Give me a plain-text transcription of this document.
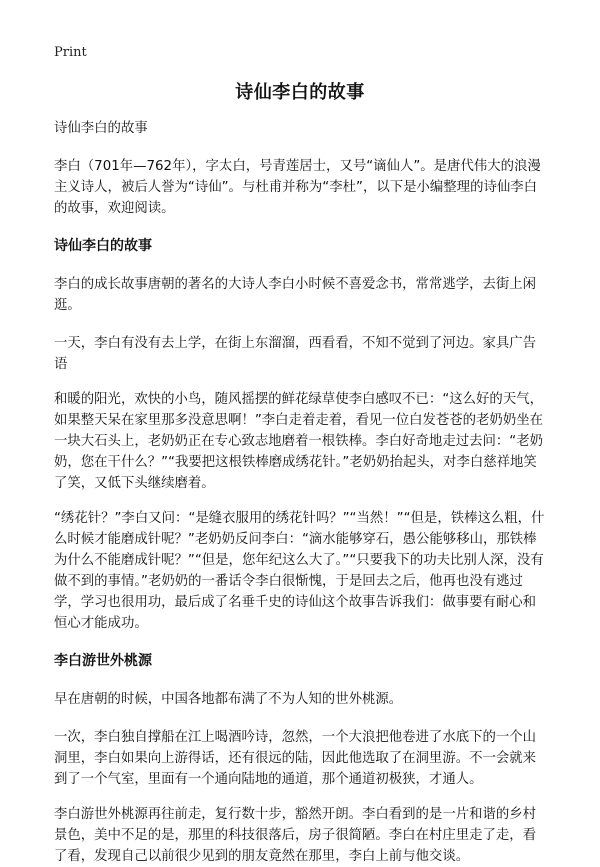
Print
诗仙李白的故事

诗仙李白的故事

李白（701年—762年），字太白，号青莲居士，又号“谪仙人”。是唐代伟大的浪漫主义诗人，被后人誉为“诗仙”。与杜甫并称为“李杜”，以下是小编整理的诗仙李白的故事，欢迎阅读。

诗仙李白的故事

李白的成长故事唐朝的著名的大诗人李白小时候不喜爱念书，常常逃学，去街上闲逛。

一天，李白有没有去上学，在街上东溜溜，西看看，不知不觉到了河边。家具广告语

和暖的阳光，欢快的小鸟，随风摇摆的鲜花绿草使李白感叹不已：“这么好的天气，如果整天呆在家里那多没意思啊！”李白走着走着，看见一位白发苍苍的老奶奶坐在一块大石头上，老奶奶正在专心致志地磨着一根铁棒。李白好奇地走过去问：“老奶奶，您在干什么？”“我要把这根铁棒磨成绣花针。”老奶奶抬起头，对李白慈祥地笑了笑，又低下头继续磨着。

“绣花针？”李白又问：“是缝衣服用的绣花针吗？”“当然！”“但是，铁棒这么粗，什么时候才能磨成针呢？”老奶奶反问李白：“滴水能够穿石，愚公能够移山，那铁棒为什么不能磨成针呢？”“但是，您年纪这么大了。”“只要我下的功夫比别人深，没有做不到的事情。”老奶奶的一番话令李白很惭愧，于是回去之后，他再也没有逃过学，学习也很用功，最后成了名垂千史的诗仙这个故事告诉我们：做事要有耐心和恒心才能成功。

李白游世外桃源

早在唐朝的时候，中国各地都布满了不为人知的世外桃源。

一次，李白独自撑船在江上喝酒吟诗，忽然，一个大浪把他卷进了水底下的一个山洞里，李白如果向上游得话，还有很远的陆，因此他选取了在洞里游。不一会就来到了一个气室，里面有一个通向陆地的通道，那个通道初极狭，才通人。

李白游世外桃源再往前走，复行数十步，豁然开朗。李白看到的是一片和谐的乡村景色，美中不足的是，那里的科技很落后，房子很简陋。李白在村庄里走了走，看了看，发现自己以前很少见到的朋友竟然在那里，李白上前与他交谈。
